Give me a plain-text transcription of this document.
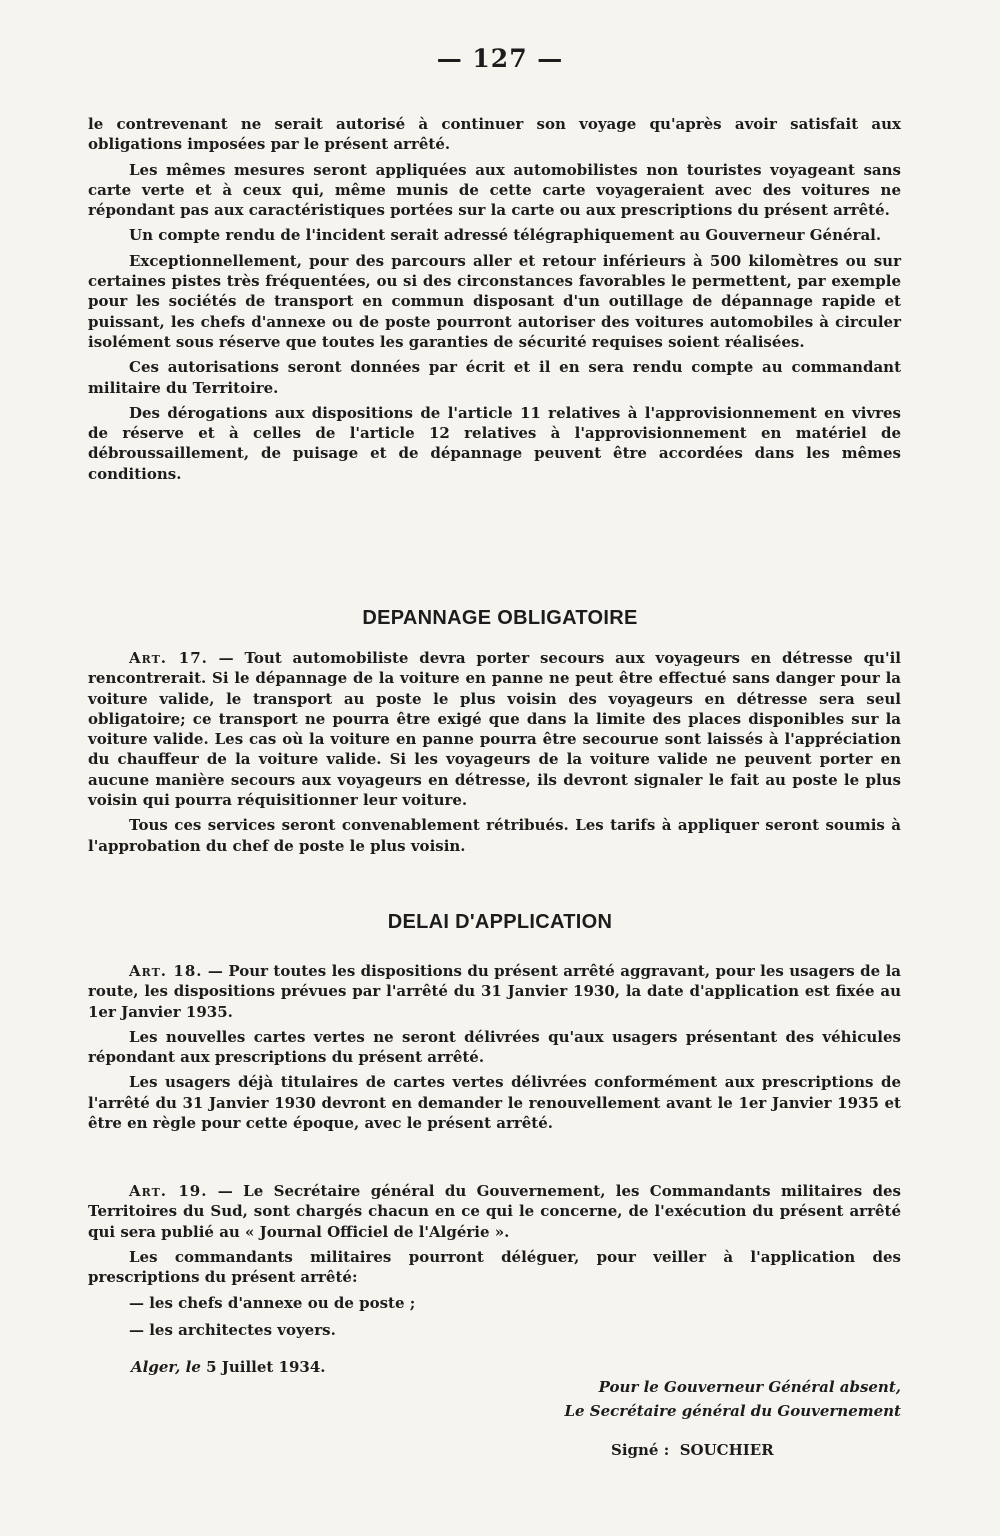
— 127 —

le contrevenant ne serait autorisé à continuer son voyage qu'après avoir satisfait aux obligations imposées par le présent arrêté.

Les mêmes mesures seront appliquées aux automobilistes non touristes voyageant sans carte verte et à ceux qui, même munis de cette carte voyageraient avec des voitures ne répondant pas aux caractéristiques portées sur la carte ou aux prescriptions du présent arrêté.

Un compte rendu de l'incident serait adressé télégraphiquement au Gouverneur Général.

Exceptionnellement, pour des parcours aller et retour inférieurs à 500 kilomètres ou sur certaines pistes très fréquentées, ou si des circonstances favorables le permettent, par exemple pour les sociétés de transport en commun disposant d'un outillage de dépannage rapide et puissant, les chefs d'annexe ou de poste pourront autoriser des voitures automobiles à circuler isolément sous réserve que toutes les garanties de sécurité requises soient réalisées.

Ces autorisations seront données par écrit et il en sera rendu compte au commandant militaire du Territoire.

Des dérogations aux dispositions de l'article 11 relatives à l'approvisionnement en vivres de réserve et à celles de l'article 12 relatives à l'approvisionnement en matériel de débroussaillement, de puisage et de dépannage peuvent être accordées dans les mêmes conditions.

DEPANNAGE OBLIGATOIRE

Art. 17. — Tout automobiliste devra porter secours aux voyageurs en détresse qu'il rencontrerait. Si le dépannage de la voiture en panne ne peut être effectué sans danger pour la voiture valide, le transport au poste le plus voisin des voyageurs en détresse sera seul obligatoire; ce transport ne pourra être exigé que dans la limite des places disponibles sur la voiture valide. Les cas où la voiture en panne pourra être secourue sont laissés à l'appréciation du chauffeur de la voiture valide. Si les voyageurs de la voiture valide ne peuvent porter en aucune manière secours aux voyageurs en détresse, ils devront signaler le fait au poste le plus voisin qui pourra réquisitionner leur voiture.

Tous ces services seront convenablement rétribués. Les tarifs à appliquer seront soumis à l'approbation du chef de poste le plus voisin.

DELAI D'APPLICATION

Art. 18. — Pour toutes les dispositions du présent arrêté aggravant, pour les usagers de la route, les dispositions prévues par l'arrêté du 31 Janvier 1930, la date d'application est fixée au 1er Janvier 1935.

Les nouvelles cartes vertes ne seront délivrées qu'aux usagers présentant des véhicules répondant aux prescriptions du présent arrêté.

Les usagers déjà titulaires de cartes vertes délivrées conformément aux prescriptions de l'arrêté du 31 Janvier 1930 devront en demander le renouvellement avant le 1er Janvier 1935 et être en règle pour cette époque, avec le présent arrêté.

Art. 19. — Le Secrétaire général du Gouvernement, les Commandants militaires des Territoires du Sud, sont chargés chacun en ce qui le concerne, de l'exécution du présent arrêté qui sera publié au « Journal Officiel de l'Algérie ».

Les commandants militaires pourront déléguer, pour veiller à l'application des prescriptions du présent arrêté:

— les chefs d'annexe ou de poste ;

— les architectes voyers.

Alger, le 5 Juillet 1934.
Pour le Gouverneur Général absent,
Le Secrétaire général du Gouvernement
Signé : SOUCHIER
